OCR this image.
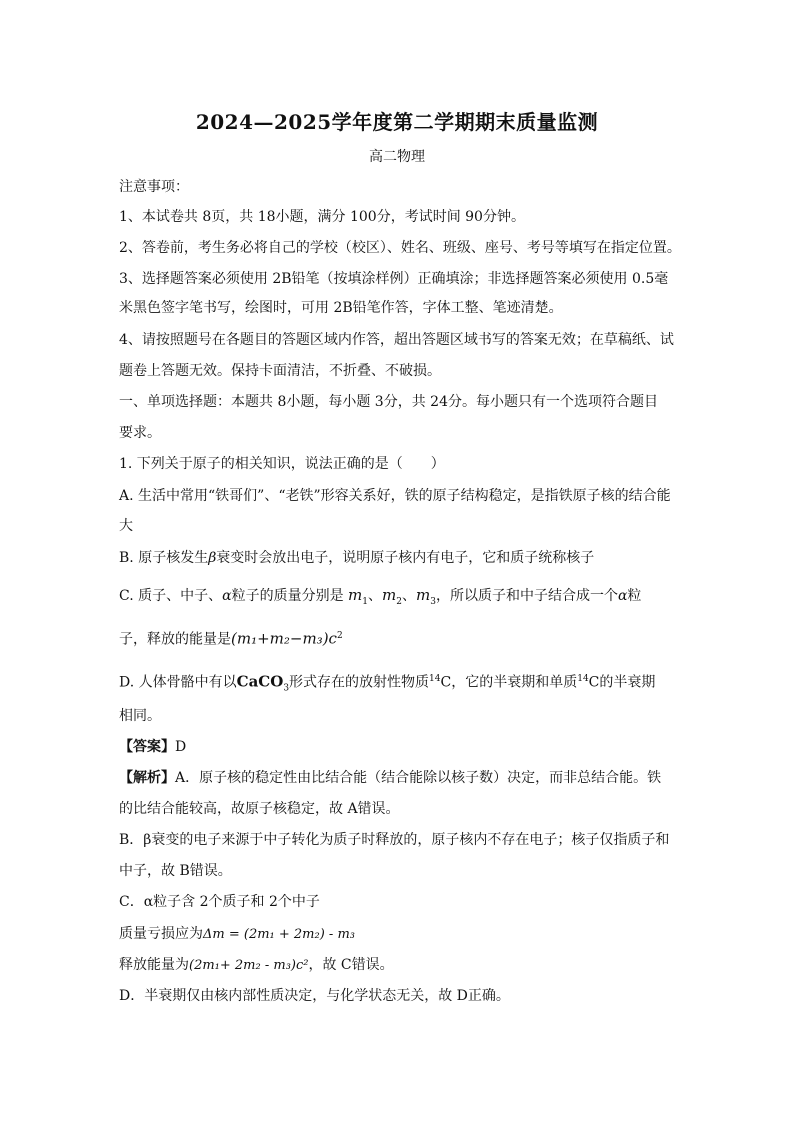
2024—2025学年度第二学期期末质量监测
高二物理
注意事项：
1、本试卷共 8页，共 18小题，满分 100分，考试时间 90分钟。
2、答卷前，考生务必将自己的学校（校区）、姓名、班级、座号、考号等填写在指定位置。
3、选择题答案必须使用 2B铅笔（按填涂样例）正确填涂；非选择题答案必须使用 0.5毫
米黑色签字笔书写，绘图时，可用 2B铅笔作答，字体工整、笔迹清楚。
4、请按照题号在各题目的答题区域内作答，超出答题区域书写的答案无效；在草稿纸、试
题卷上答题无效。保持卡面清洁，不折叠、不破损。
一、单项选择题：本题共 8小题，每小题 3分，共 24分。每小题只有一个选项符合题目
要求。
1. 下列关于原子的相关知识，说法正确的是（　　）
A. 生活中常用“铁哥们”、“老铁”形容关系好，铁的原子结构稳定，是指铁原子核的结合能
大
B. 原子核发生β衰变时会放出电子，说明原子核内有电子，它和质子统称核子
C. 质子、中子、α粒子的质量分别是 $m_1$、$m_2$、$m_3$，所以质子和中子结合成一个α粒
子，释放的能量是$(m_1+m_2-m_3)c^2$
D. 人体骨骼中有以CaCO$_3$形式存在的放射性物质$^{14}$C，它的半衰期和单质$^{14}$C的半衰期
相同。
【答案】D
【解析】A．原子核的稳定性由比结合能（结合能除以核子数）决定，而非总结合能。铁
的比结合能较高，故原子核稳定，故 A错误。
B．β衰变的电子来源于中子转化为质子时释放的，原子核内不存在电子；核子仅指质子和
中子，故 B错误。
C．α粒子含 2个质子和 2个中子
质量亏损应为Δm = (2m₁ + 2m₂) - m₃
释放能量为(2m₁+ 2m₂ - m₃)c²，故 C错误。
D．半衰期仅由核内部性质决定，与化学状态无关，故 D正确。
